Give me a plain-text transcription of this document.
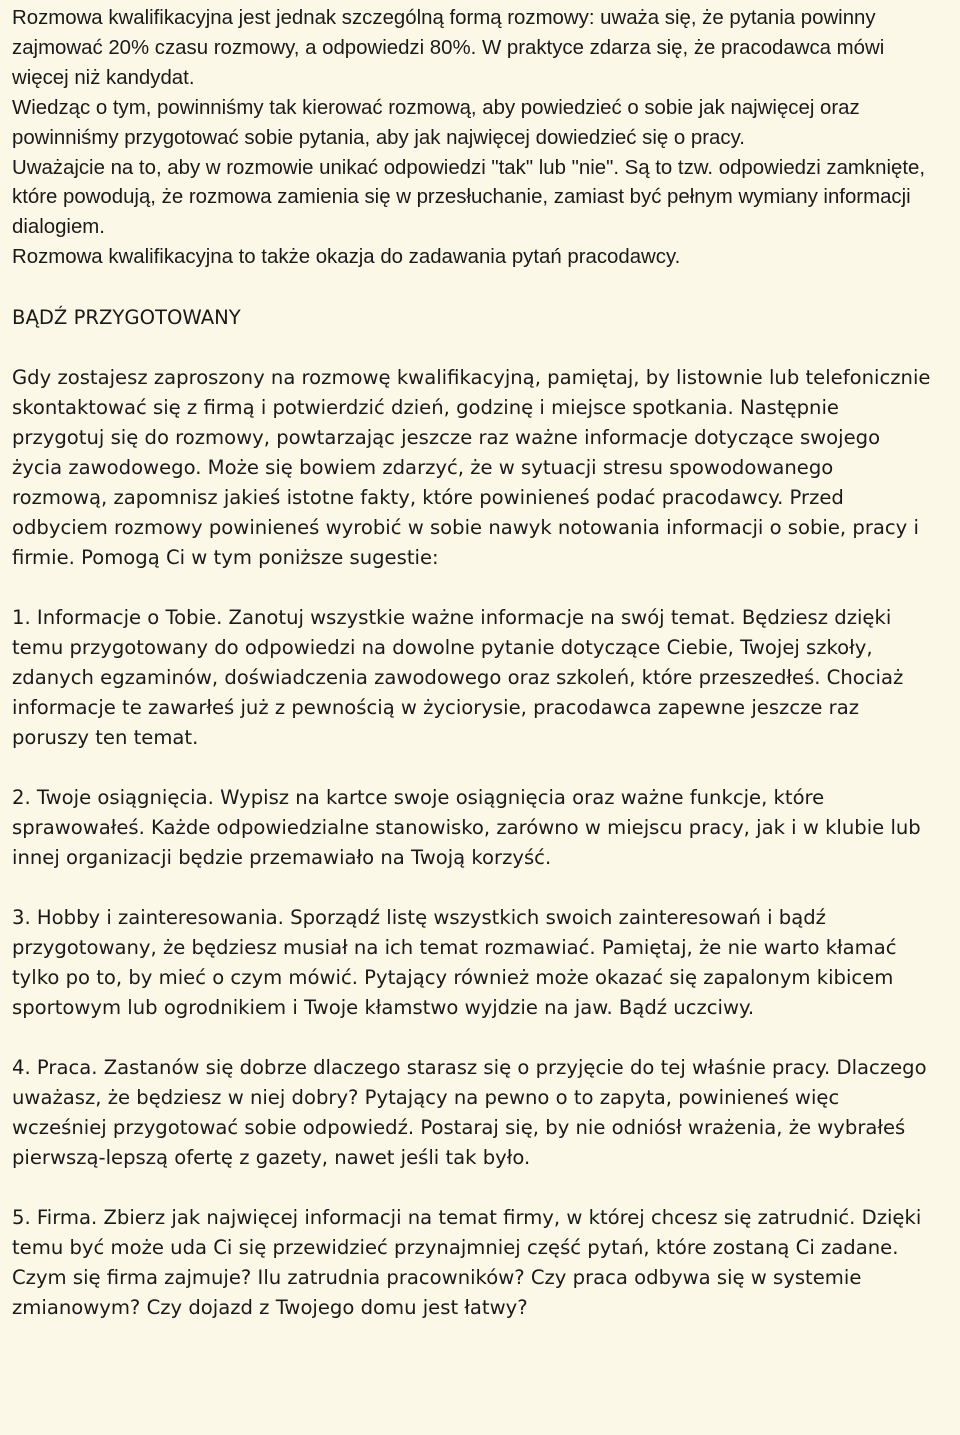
Rozmowa kwalifikacyjna jest jednak szczególną formą rozmowy: uważa się, że pytania powinny zajmować 20% czasu rozmowy, a odpowiedzi 80%. W praktyce zdarza się, że pracodawca mówi więcej niż kandydat.

Wiedząc o tym, powinniśmy tak kierować rozmową, aby powiedzieć o sobie jak najwięcej oraz powinniśmy przygotować sobie pytania, aby jak najwięcej dowiedzieć się o pracy.

Uważajcie na to, aby w rozmowie unikać odpowiedzi "tak" lub "nie". Są to tzw. odpowiedzi zamknięte, które powodują, że rozmowa zamienia się w przesłuchanie, zamiast być pełnym wymiany informacji dialogiem.

Rozmowa kwalifikacyjna to także okazja do zadawania pytań pracodawcy.

BĄDŹ PRZYGOTOWANY

Gdy zostajesz zaproszony na rozmowę kwalifikacyjną, pamiętaj, by listownie lub telefonicznie skontaktować się z firmą i potwierdzić dzień, godzinę i miejsce spotkania. Następnie przygotuj się do rozmowy, powtarzając jeszcze raz ważne informacje dotyczące swojego życia zawodowego. Może się bowiem zdarzyć, że w sytuacji stresu spowodowanego rozmową, zapomnisz jakieś istotne fakty, które powinieneś podać pracodawcy. Przed odbyciem rozmowy powinieneś wyrobić w sobie nawyk notowania informacji o sobie, pracy i firmie. Pomogą Ci w tym poniższe sugestie:

1. Informacje o Tobie. Zanotuj wszystkie ważne informacje na swój temat. Będziesz dzięki temu przygotowany do odpowiedzi na dowolne pytanie dotyczące Ciebie, Twojej szkoły, zdanych egzaminów, doświadczenia zawodowego oraz szkoleń, które przeszedłeś. Chociaż informacje te zawarłeś już z pewnością w życiorysie, pracodawca zapewne jeszcze raz poruszy ten temat.

2. Twoje osiągnięcia. Wypisz na kartce swoje osiągnięcia oraz ważne funkcje, które sprawowałeś. Każde odpowiedzialne stanowisko, zarówno w miejscu pracy, jak i w klubie lub innej organizacji będzie przemawiało na Twoją korzyść.

3. Hobby i zainteresowania. Sporządź listę wszystkich swoich zainteresowań i bądź przygotowany, że będziesz musiał na ich temat rozmawiać. Pamiętaj, że nie warto kłamać tylko po to, by mieć o czym mówić. Pytający również może okazać się zapalonym kibicem sportowym lub ogrodnikiem i Twoje kłamstwo wyjdzie na jaw. Bądź uczciwy.

4. Praca. Zastanów się dobrze dlaczego starasz się o przyjęcie do tej właśnie pracy. Dlaczego uważasz, że będziesz w niej dobry? Pytający na pewno o to zapyta, powinieneś więc wcześniej przygotować sobie odpowiedź. Postaraj się, by nie odniósł wrażenia, że wybrałeś pierwszą-lepszą ofertę z gazety, nawet jeśli tak było.

5. Firma. Zbierz jak najwięcej informacji na temat firmy, w której chcesz się zatrudnić. Dzięki temu być może uda Ci się przewidzieć przynajmniej część pytań, które zostaną Ci zadane. Czym się firma zajmuje? Ilu zatrudnia pracowników? Czy praca odbywa się w systemie zmianowym? Czy dojazd z Twojego domu jest łatwy?
